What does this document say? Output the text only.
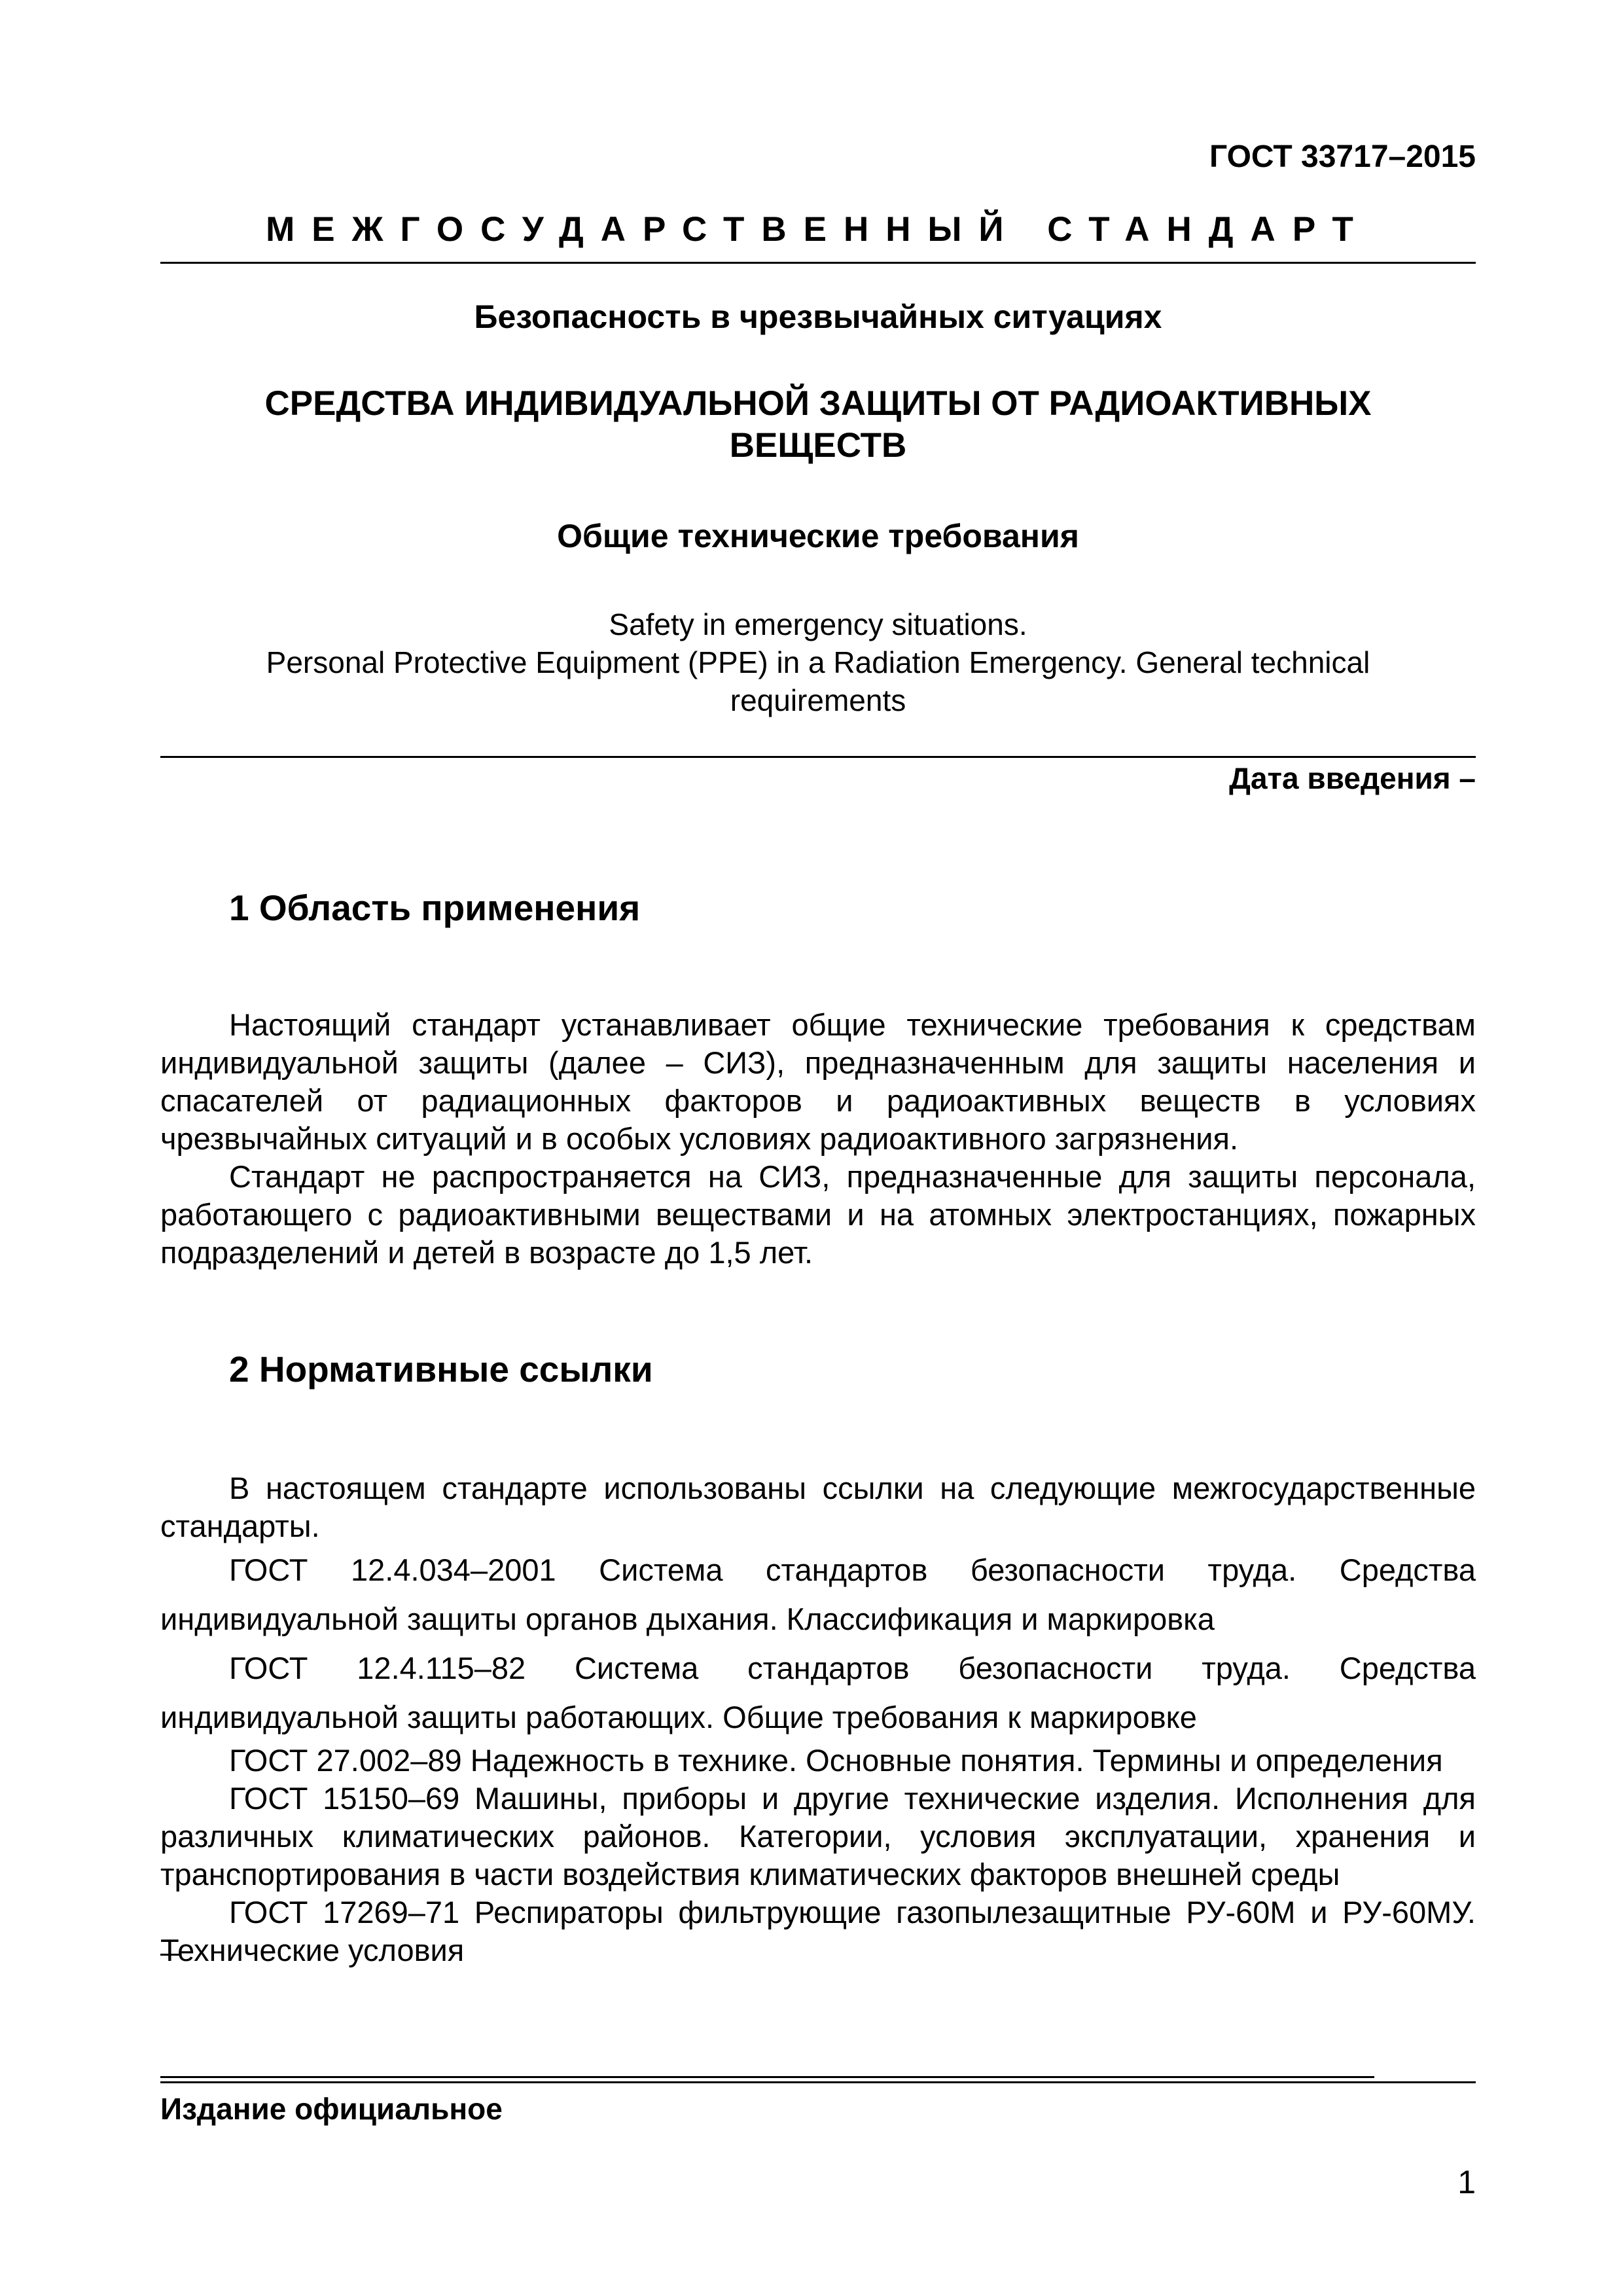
ГОСТ 33717–2015
МЕЖГОСУДАРСТВЕННЫЙ СТАНДАРТ
Безопасность в чрезвычайных ситуациях
СРЕДСТВА ИНДИВИДУАЛЬНОЙ ЗАЩИТЫ ОТ РАДИОАКТИВНЫХ
ВЕЩЕСТВ
Общие технические требования
Safety in emergency situations.
Personal Protective Equipment (PPE) in a Radiation Emergency. General technical
requirements
Дата введения –
1 Область применения

Настоящий стандарт устанавливает общие технические требования к средствам индивидуальной защиты (далее – СИЗ), предназначенным для защиты населения и спасателей от радиационных факторов и радиоактивных веществ в условиях чрезвычайных ситуаций и в особых условиях радиоактивного загрязнения.

Стандарт не распространяется на СИЗ, предназначенные для защиты персонала, работающего с радиоактивными веществами и на атомных электростанциях, пожарных подразделений и детей в возрасте до 1,5 лет.

2 Нормативные ссылки

В настоящем стандарте использованы ссылки на следующие межгосударственные стандарты.

ГОСТ 12.4.034–2001 Система стандартов безопасности труда. Средства индивидуальной защиты органов дыхания. Классификация и маркировка

ГОСТ 12.4.115–82 Система стандартов безопасности труда. Средства индивидуальной защиты работающих. Общие требования к маркировке

ГОСТ 27.002–89 Надежность в технике. Основные понятия. Термины и определения

ГОСТ 15150–69 Машины, приборы и другие технические изделия. Исполнения для различных климатических районов. Категории, условия эксплуатации, хранения и транспортирования в части воздействия климатических факторов внешней среды

ГОСТ 17269–71 Респираторы фильтрующие газопылезащитные РУ-60М и РУ-60МУ. Технические условия

Издание официальное
1
